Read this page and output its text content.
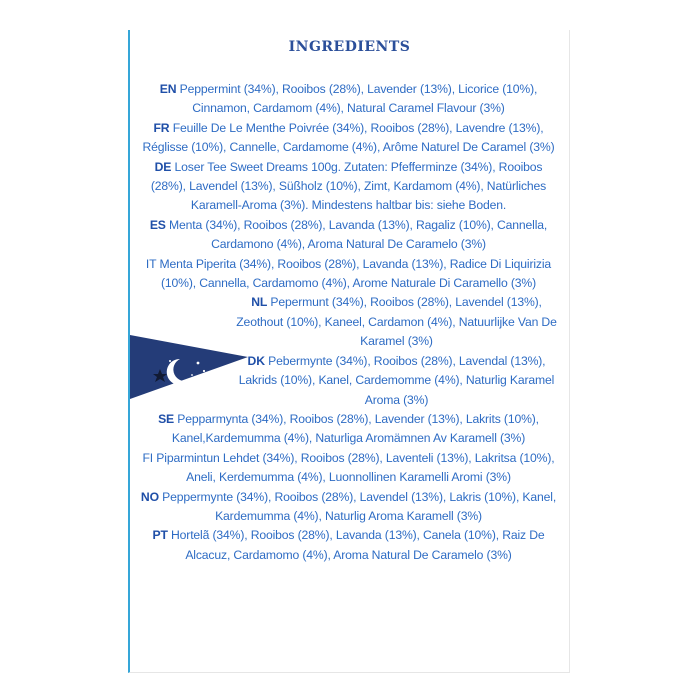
INGREDIENTS

EN Peppermint (34%), Rooibos (28%), Lavender (13%), Licorice (10%), Cinnamon, Cardamom (4%), Natural Caramel Flavour (3%)

FR Feuille De Le Menthe Poivrée (34%), Rooibos (28%), Lavendre (13%), Réglisse (10%), Cannelle, Cardamome (4%), Arôme Naturel De Caramel (3%)

DE Loser Tee Sweet Dreams 100g. Zutaten: Pfefferminze (34%), Rooibos (28%), Lavendel (13%), Süßholz (10%), Zimt, Kardamom (4%), Natürliches Karamell-Aroma (3%). Mindestens haltbar bis: siehe Boden.

ES Menta (34%), Rooibos (28%), Lavanda (13%), Ragaliz (10%), Cannella, Cardamono (4%), Aroma Natural De Caramelo (3%)

IT Menta Piperita (34%), Rooibos (28%), Lavanda (13%), Radice Di Liquirizia (10%), Cannella, Cardamomo (4%), Arome Naturale Di Caramello (3%)

NL Pepermunt (34%), Rooibos (28%), Lavendel (13%), Zeothout (10%), Kaneel, Cardamon (4%), Natuurlijke Van De Karamel (3%)

DK Pebermynte (34%), Rooibos (28%), Lavendal (13%), Lakrids (10%), Kanel, Cardemomme (4%), Naturlig Karamel Aroma (3%)

SE Pepparmynta (34%), Rooibos (28%), Lavender (13%), Lakrits (10%), Kanel,Kardemumma (4%), Naturliga Aromämnen Av Karamell (3%)

FI Piparmintun Lehdet (34%), Rooibos (28%), Laventeli (13%), Lakritsa (10%), Aneli, Kerdemumma (4%), Luonnollinen Karamelli Aromi (3%)

NO Peppermynte (34%), Rooibos (28%), Lavendel (13%), Lakris (10%), Kanel, Kardemumma (4%), Naturlig Aroma Karamell (3%)

PT Hortelã (34%), Rooibos (28%), Lavanda (13%), Canela (10%), Raiz De Alcacuz, Cardamomo (4%), Aroma Natural De Caramelo (3%)
